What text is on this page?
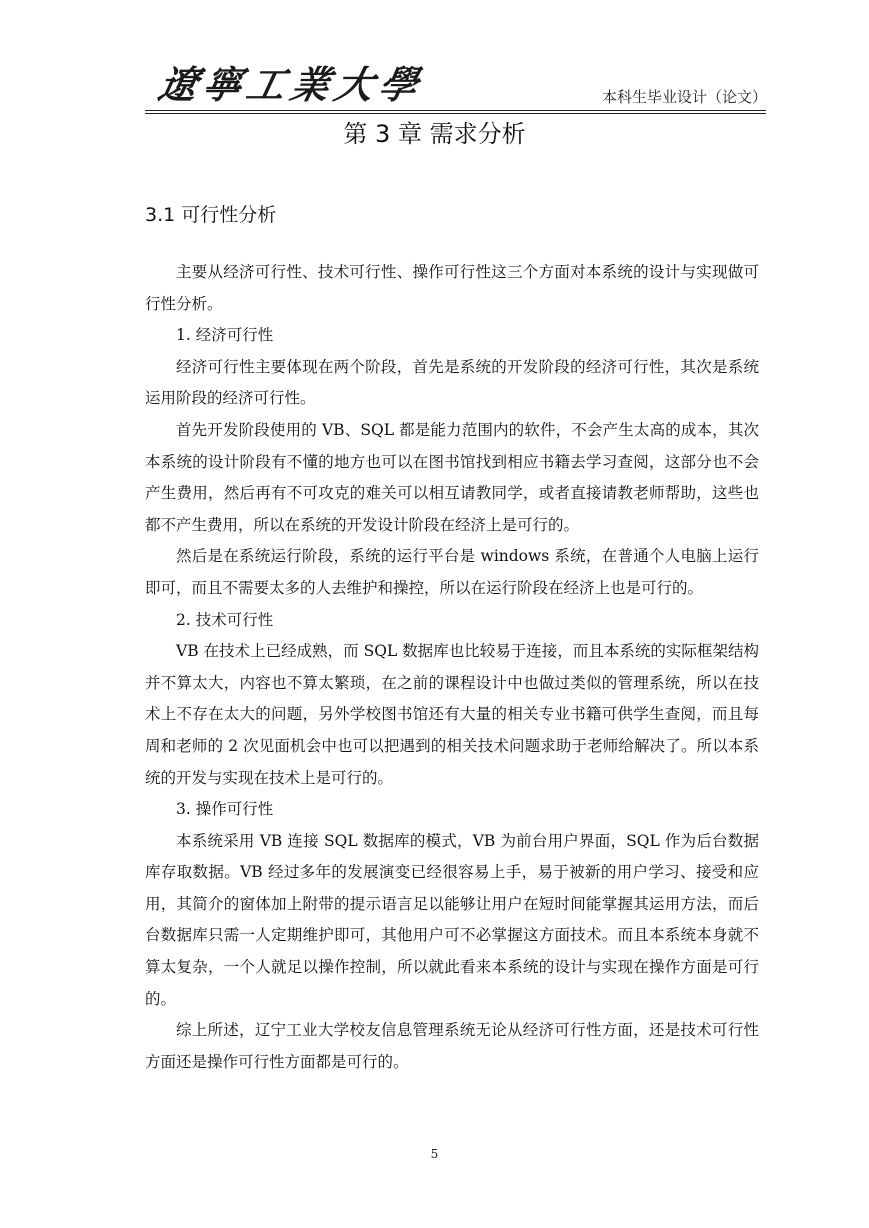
遼寧工業大學	本科生毕业设计（论文）
第 3 章 需求分析
3.1 可行性分析

主要从经济可行性、技术可行性、操作可行性这三个方面对本系统的设计与实现做可行性分析。

1. 经济可行性

经济可行性主要体现在两个阶段，首先是系统的开发阶段的经济可行性，其次是系统运用阶段的经济可行性。

首先开发阶段使用的 VB、SQL 都是能力范围内的软件，不会产生太高的成本，其次本系统的设计阶段有不懂的地方也可以在图书馆找到相应书籍去学习查阅，这部分也不会产生费用，然后再有不可攻克的难关可以相互请教同学，或者直接请教老师帮助，这些也都不产生费用，所以在系统的开发设计阶段在经济上是可行的。

然后是在系统运行阶段，系统的运行平台是 windows 系统，在普通个人电脑上运行即可，而且不需要太多的人去维护和操控，所以在运行阶段在经济上也是可行的。

2. 技术可行性

VB 在技术上已经成熟，而 SQL 数据库也比较易于连接，而且本系统的实际框架结构并不算太大，内容也不算太繁琐，在之前的课程设计中也做过类似的管理系统，所以在技术上不存在太大的问题，另外学校图书馆还有大量的相关专业书籍可供学生查阅，而且每周和老师的 2 次见面机会中也可以把遇到的相关技术问题求助于老师给解决了。所以本系统的开发与实现在技术上是可行的。

3. 操作可行性

本系统采用 VB 连接 SQL 数据库的模式，VB 为前台用户界面，SQL 作为后台数据库存取数据。VB 经过多年的发展演变已经很容易上手，易于被新的用户学习、接受和应用，其简介的窗体加上附带的提示语言足以能够让用户在短时间能掌握其运用方法，而后台数据库只需一人定期维护即可，其他用户可不必掌握这方面技术。而且本系统本身就不算太复杂，一个人就足以操作控制，所以就此看来本系统的设计与实现在操作方面是可行的。

综上所述，辽宁工业大学校友信息管理系统无论从经济可行性方面，还是技术可行性方面还是操作可行性方面都是可行的。

5
